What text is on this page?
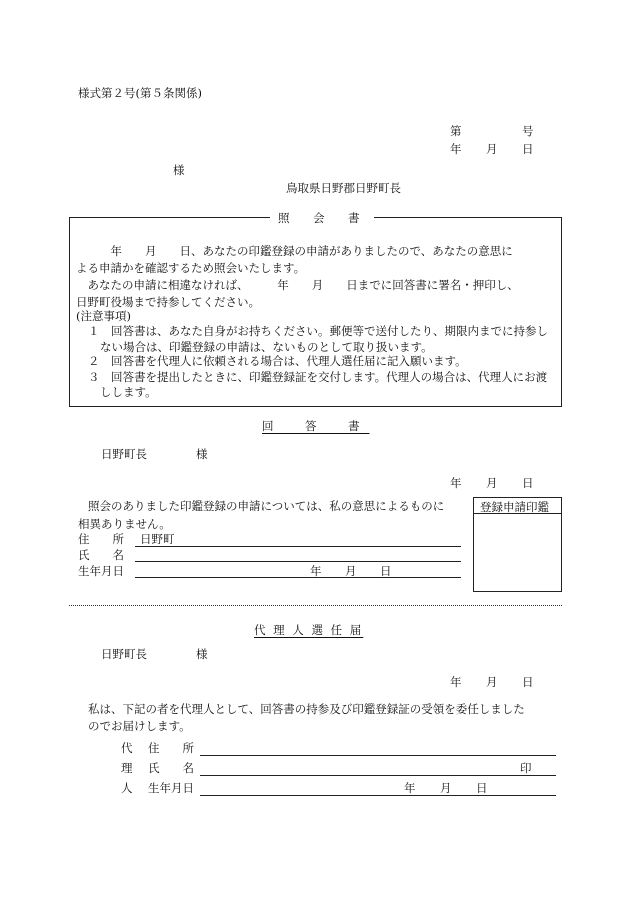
様式第２号(第５条関係)
第	号
年 月 日
様
鳥取県日野郡日野町長
照　会　書
　　　年　　月　　日、あなたの印鑑登録の申請がありましたので、あなたの意思に
よる申請かを確認するため照会いたします。
　あなたの申請に相違なければ、　　　年　　月　　日までに回答書に署名・押印し、
日野町役場まで持参してください。
(注意事項)
１　回答書は、あなた自身がお持ちください。郵便等で送付したり、期限内までに持参し
ない場合は、印鑑登録の申請は、ないものとして取り扱います。
２　回答書を代理人に依頼される場合は、代理人選任届に記入願います。
３　回答書を提出したときに、印鑑登録証を交付します。代理人の場合は、代理人にお渡
しします。
回　答　書
日野町長	様
年 月 日
照会のありました印鑑登録の申請については、私の意思によるものに
相異ありません。
住　　所 日野町
氏　　名
生年月日	年 月 日
登録申請印鑑
代 理 人 選 任 届
日野町長	様
年 月 日
私は、下記の者を代理人として、回答書の持参及び印鑑登録証の受領を委任しました
のでお届けします。
代
理
人
住　　所
氏　　名	印
生年月日	年 月 日
